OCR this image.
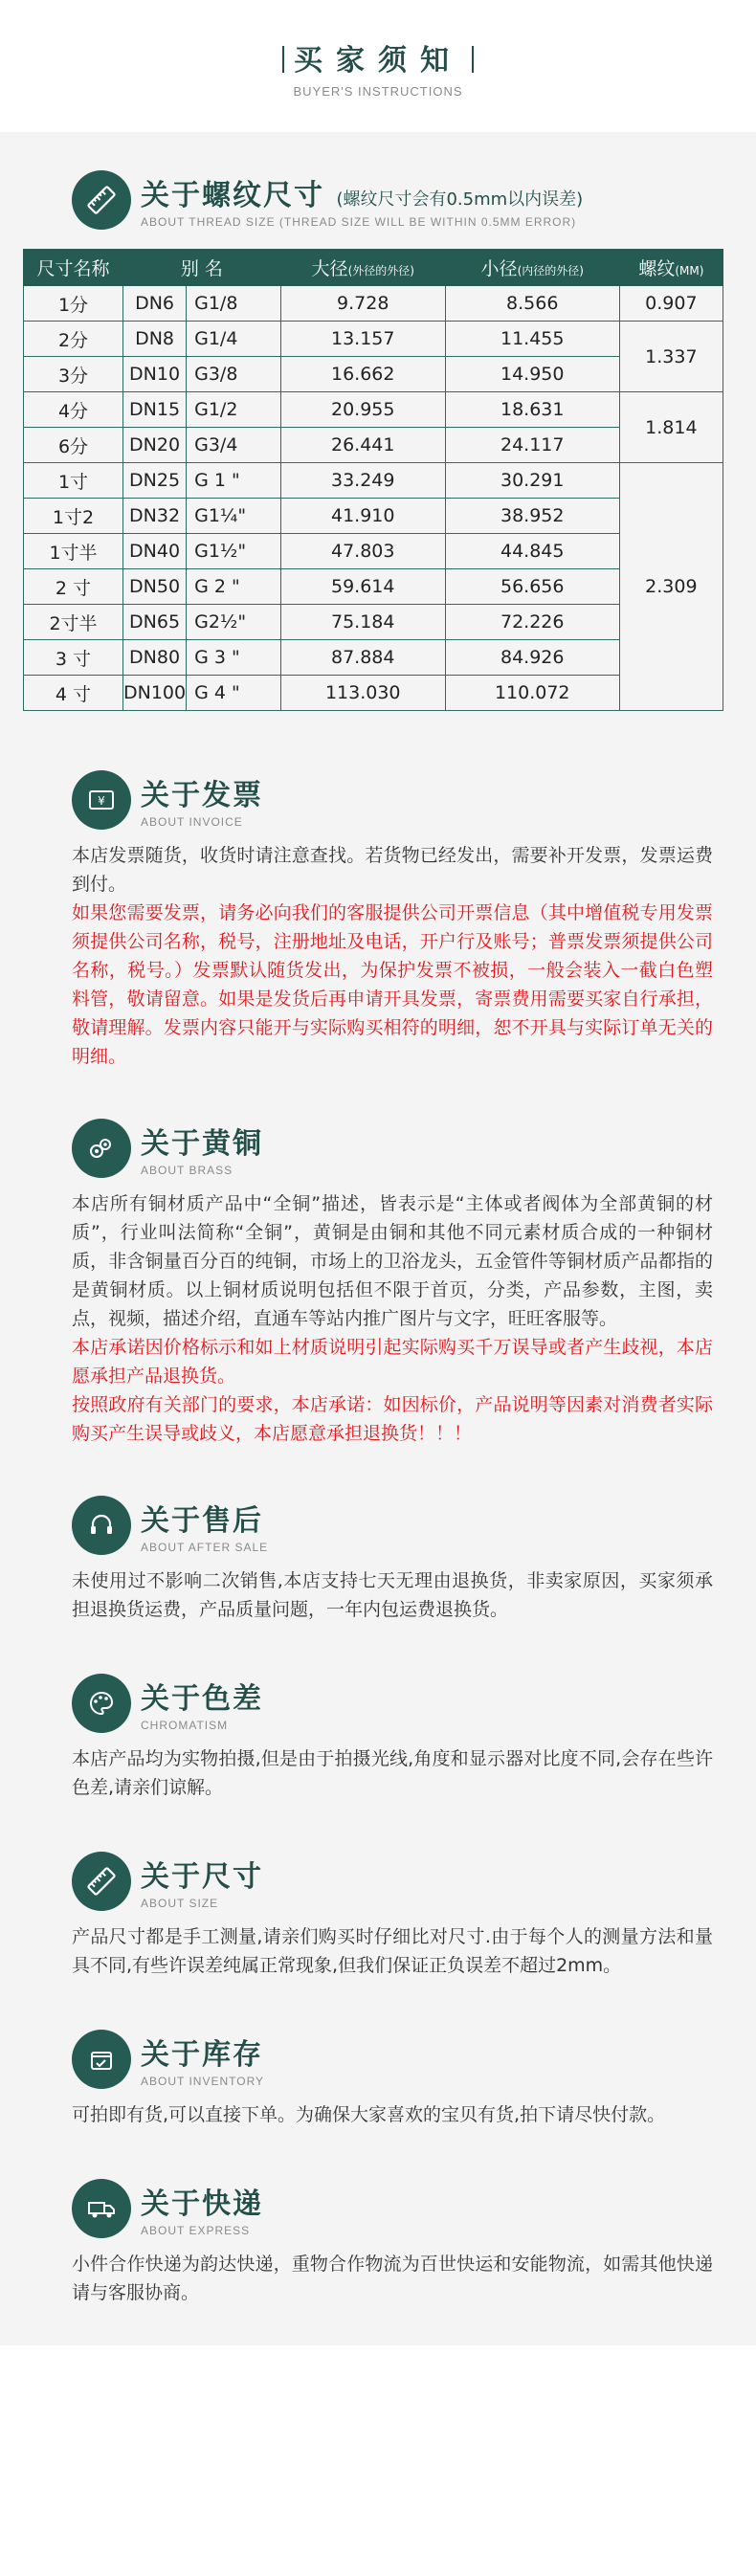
买家须知
BUYER'S INSTRUCTIONS
关于螺纹尺寸 (螺纹尺寸会有0.5mm以内误差)
ABOUT THREAD SIZE (THREAD SIZE WILL BE WITHIN 0.5MM ERROR)
尺寸名称	别 名		大径(外径的外径)	小径(内径的外径)	螺纹(MM)
1分	DN6	G1/8	9.728	8.566	0.907
2分	DN8	G1/4	13.157	11.455	1.337
3分	DN10	G3/8	16.662	14.950	
4分	DN15	G1/2	20.955	18.631	1.814
6分	DN20	G3/4	26.441	24.117	
1寸	DN25	G 1 "	33.249	30.291	2.309
1寸2	DN32	G1¼"	41.910	38.952	
1寸半	DN40	G1½"	47.803	44.845	
2 寸	DN50	G 2 "	59.614	56.656	
2寸半	DN65	G2½"	75.184	72.226	
3 寸	DN80	G 3 "	87.884	84.926	
4 寸	DN100	G 4 "	113.030	110.072	
¥ 关于发票
ABOUT INVOICE
本店发票随货，收货时请注意查找。若货物已经发出，需要补开发票，发票运费到付。
如果您需要发票，请务必向我们的客服提供公司开票信息（其中增值税专用发票须提供公司名称，税号，注册地址及电话，开户行及账号；普票发票须提供公司名称，税号。）发票默认随货发出，为保护发票不被损，一般会装入一截白色塑料管，敬请留意。如果是发货后再申请开具发票，寄票费用需要买家自行承担，敬请理解。发票内容只能开与实际购买相符的明细，恕不开具与实际订单无关的明细。
关于黄铜
ABOUT BRASS
本店所有铜材质产品中“全铜”描述，皆表示是“主体或者阀体为全部黄铜的材质”，行业叫法简称“全铜”，黄铜是由铜和其他不同元素材质合成的一种铜材质，非含铜量百分百的纯铜，市场上的卫浴龙头，五金管件等铜材质产品都指的是黄铜材质。以上铜材质说明包括但不限于首页，分类，产品参数，主图，卖点，视频，描述介绍，直通车等站内推广图片与文字，旺旺客服等。
本店承诺因价格标示和如上材质说明引起实际购买千万误导或者产生歧视，本店愿承担产品退换货。
按照政府有关部门的要求，本店承诺：如因标价，产品说明等因素对消费者实际购买产生误导或歧义，本店愿意承担退换货！！！
关于售后
ABOUT AFTER SALE
未使用过不影响二次销售,本店支持七天无理由退换货，非卖家原因，买家须承担退换货运费，产品质量问题，一年内包运费退换货。
关于色差
CHROMATISM
本店产品均为实物拍摄,但是由于拍摄光线,角度和显示器对比度不同,会存在些许色差,请亲们谅解。
关于尺寸
ABOUT SIZE
产品尺寸都是手工测量,请亲们购买时仔细比对尺寸.由于每个人的测量方法和量具不同,有些许误差纯属正常现象,但我们保证正负误差不超过2mm。
关于库存
ABOUT INVENTORY
可拍即有货,可以直接下单。为确保大家喜欢的宝贝有货,拍下请尽快付款。
关于快递
ABOUT EXPRESS
小件合作快递为韵达快递，重物合作物流为百世快运和安能物流，如需其他快递请与客服协商。
